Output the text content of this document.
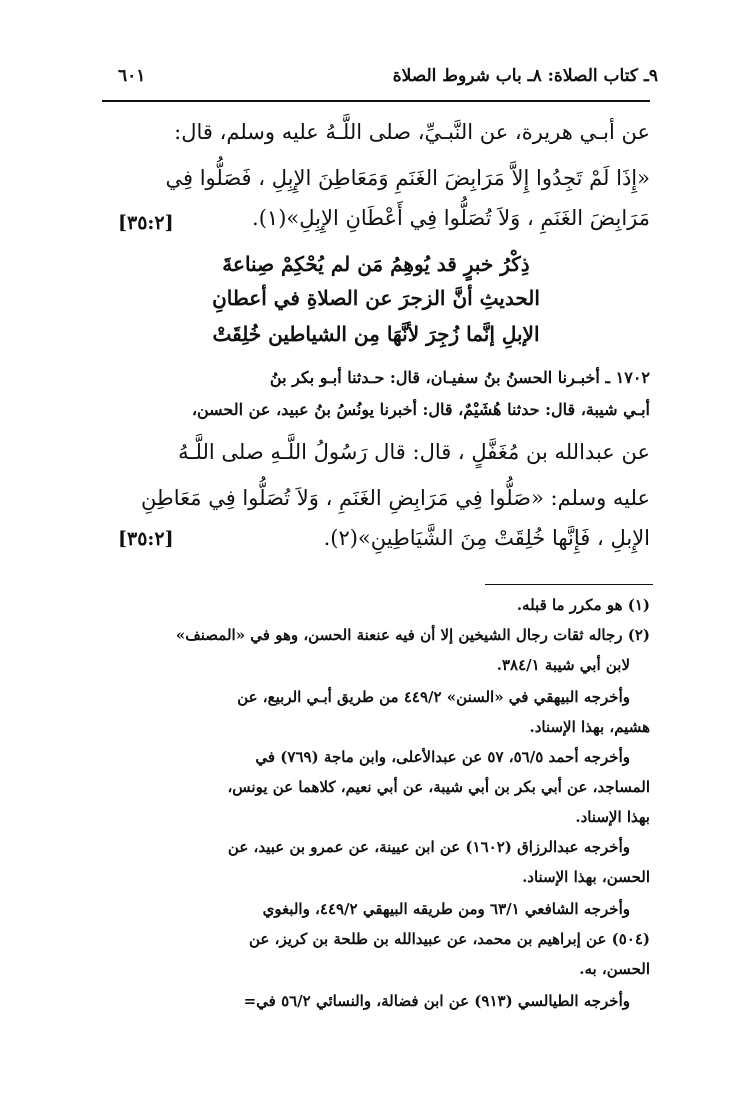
٩ـ كتاب الصلاة: ٨ـ باب شروط الصلاة
٦٠١
عن أبـي هريرة، عن النَّبـيِّ، صلى اللَّـهُ عليه وسلم، قال:
«إِذَا لَمْ تَجِدُوا إِلاَّ مَرَابِضَ الغَنَمِ وَمَعَاطِنَ الإِبِلِ ، فَصَلُّوا فِي
مَرَابِضَ الغَنَمِ ، وَلاَ تُصَلُّوا فِي أَعْطَانِ الإِبِلِ»(١).
[٣٥:٢]
ذِكْرُ خبرٍ قد يُوهِمُ مَن لم يُحْكِمْ صِناعةَ
الحديثِ أنَّ الزجرَ عن الصلاةِ في أعطانِ
الإبلِ إنَّما زُجِرَ لأنَّهَا مِن الشياطين خُلِقَتْ
١٧٠٢ ـ أخبـرنا الحسنُ بنُ سفيـان، قال: حـدثنا أبـو بكر بنُ
أبـي شيبة، قال: حدثنا هُشَيْمٌ، قال: أخبرنا يونُسُ بنُ عبيد، عن الحسن،
عن عبدالله بن مُغَفَّلٍ ، قال: قال رَسُولُ اللَّـهِ صلى اللَّـهُ
عليه وسلم: «صَلُّوا فِي مَرَابِضِ الغَنَمِ ، وَلاَ تُصَلُّوا فِي مَعَاطِنِ
الإِبلِ ، فَإِنَّها خُلِقَتْ مِنَ الشَّيَاطِينِ»(٢).
[٣٥:٢]
(١) هو مكرر ما قبله.
(٢) رجاله ثقات رجال الشيخين إلا أن فيه عنعنة الحسن، وهو في «المصنف»
لابن أبي شيبة ٣٨٤/١.
وأخرجه البيهقي في «السنن» ٤٤٩/٢ من طريق أبـي الربيع، عن
هشيم، بهذا الإسناد.
وأخرجه أحمد ٥٦/٥، ٥٧ عن عبدالأعلى، وابن ماجة (٧٦٩) في
المساجد، عن أبي بكر بن أبي شيبة، عن أبي نعيم، كلاهما عن يونس،
بهذا الإسناد.
وأخرجه عبدالرزاق (١٦٠٢) عن ابن عيينة، عن عمرو بن عبيد، عن
الحسن، بهذا الإسناد.
وأخرجه الشافعي ٦٣/١ ومن طريقه البيهقي ٤٤٩/٢، والبغوي
(٥٠٤) عن إبراهيم بن محمد، عن عبيدالله بن طلحة بن كريز، عن
الحسن، به.
وأخرجه الطيالسي (٩١٣) عن ابن فضالة، والنسائي ٥٦/٢ في=
